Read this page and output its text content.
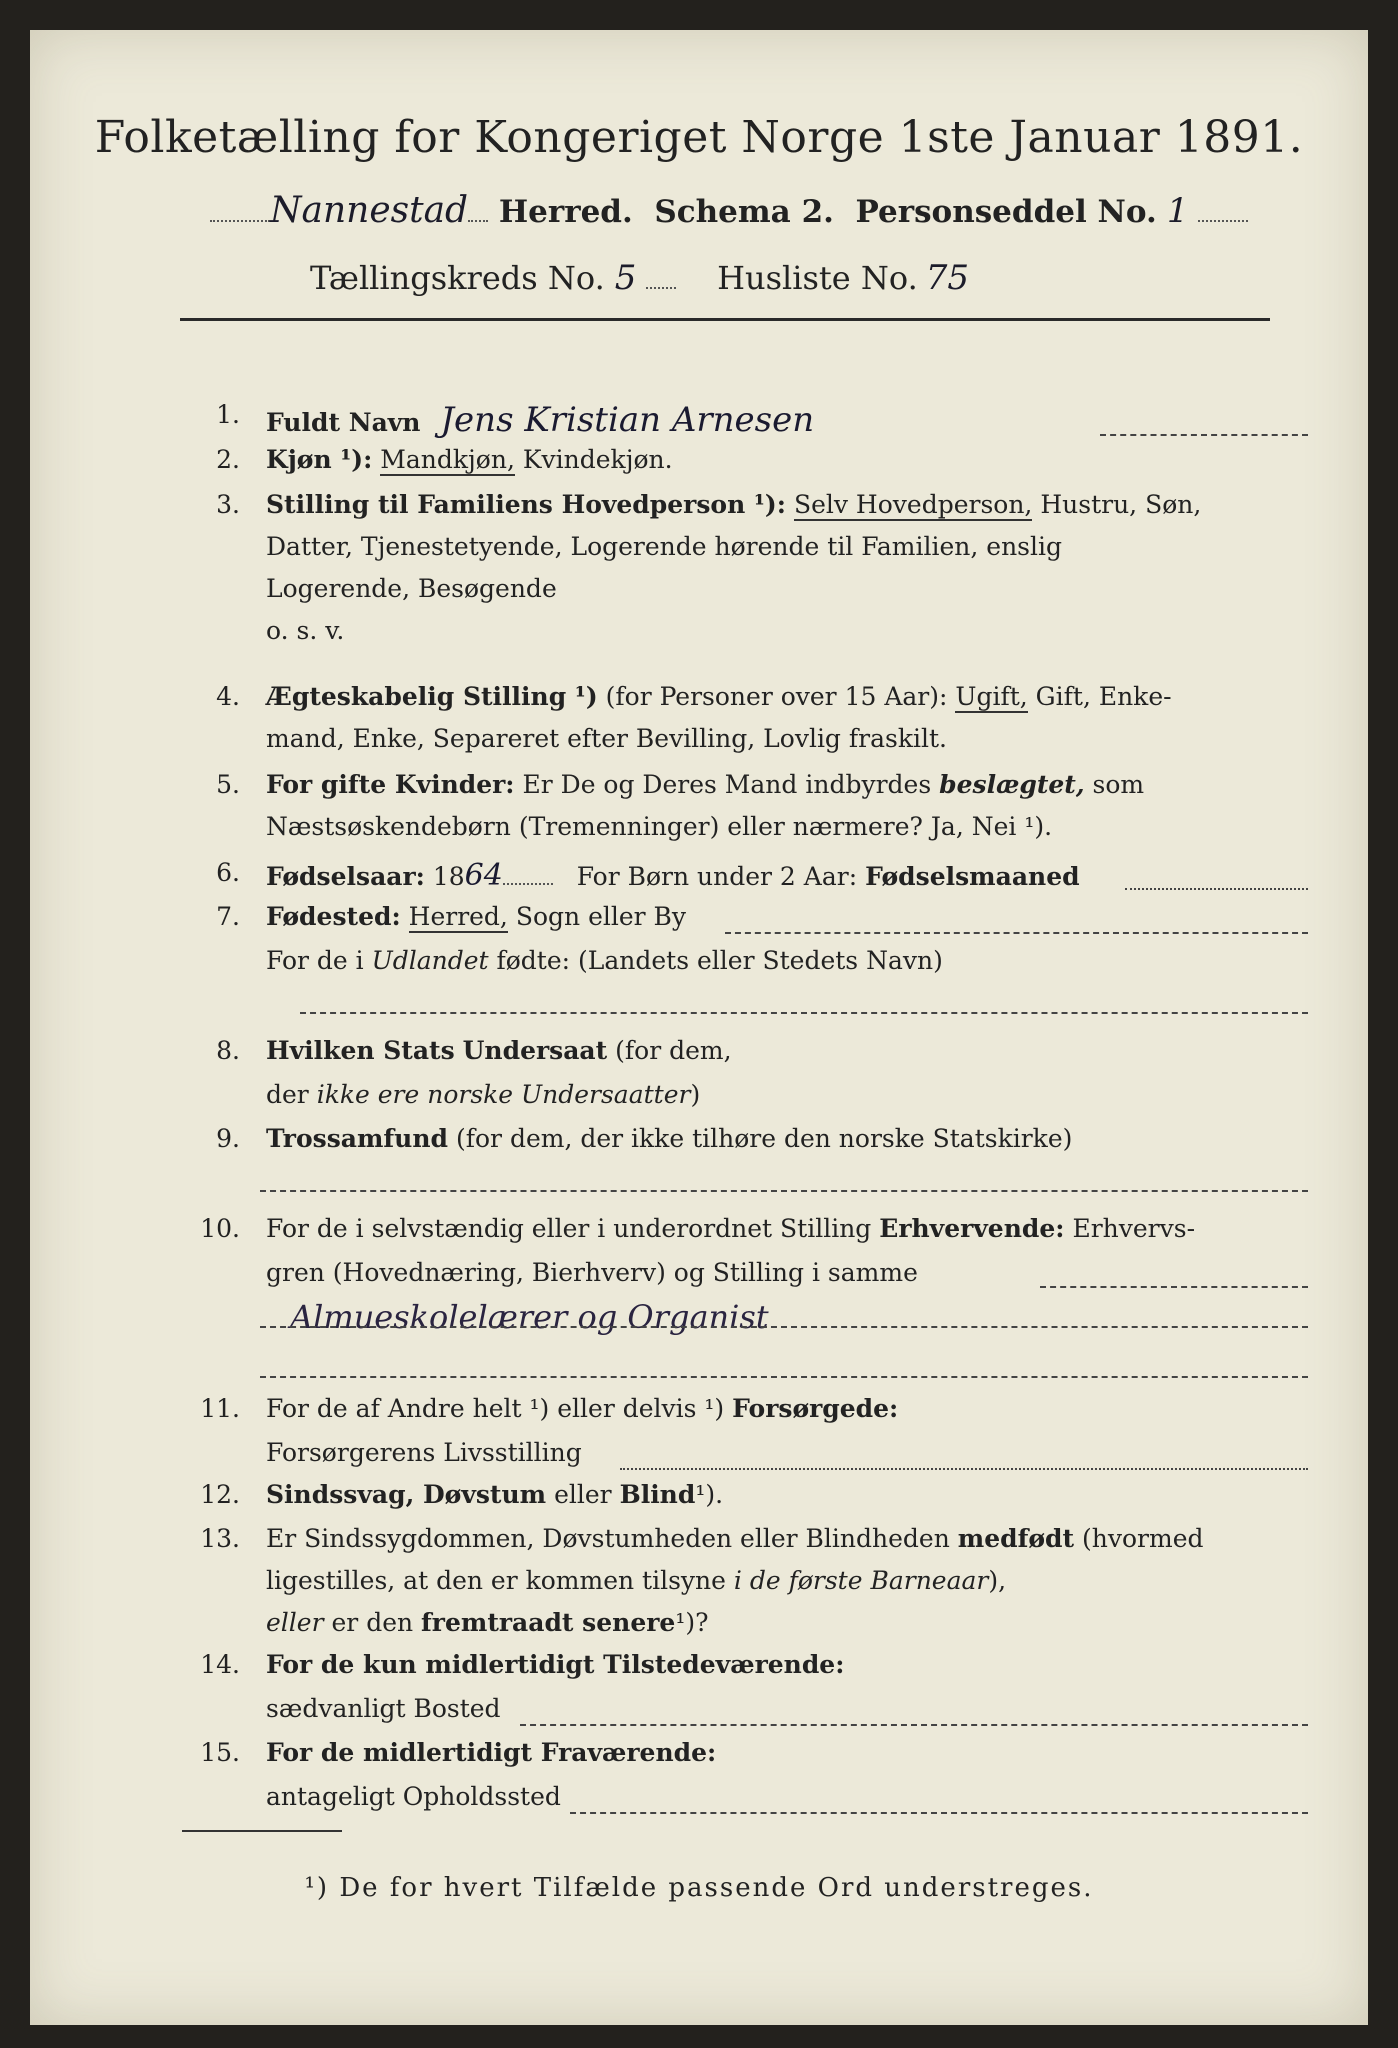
Folketælling for Kongeriget Norge 1ste Januar 1891.
Nannestad Herred. Schema 2. Personseddel No. 1
Tællingskreds No. 5	Husliste No. 75
1. Fuldt Navn Jens Kristian Arnesen
2. Kjøn ¹): Mandkjøn, Kvindekjøn.
3. Stilling til Familiens Hovedperson ¹): Selv Hovedperson, Hustru, Søn,
Datter, Tjenestetyende, Logerende hørende til Familien, enslig
Logerende, Besøgende
o. s. v.
4. Ægteskabelig Stilling ¹) (for Personer over 15 Aar): Ugift, Gift, Enke-
mand, Enke, Separeret efter Bevilling, Lovlig fraskilt.
5. For gifte Kvinder: Er De og Deres Mand indbyrdes beslægtet, som
Næstsøskendebørn (Tremenninger) eller nærmere? Ja, Nei ¹).
6. Fødselsaar: 1864	For Børn under 2 Aar: Fødselsmaaned
7. Fødested: Herred, Sogn eller By
For de i Udlandet fødte: (Landets eller Stedets Navn)
8. Hvilken Stats Undersaat (for dem,
der ikke ere norske Undersaatter)
9. Trossamfund (for dem, der ikke tilhøre den norske Statskirke)
10. For de i selvstændig eller i underordnet Stilling Erhvervende: Erhvervs-
gren (Hovednæring, Bierhverv) og Stilling i samme
Almueskolelærer og Organist
11. For de af Andre helt ¹) eller delvis ¹) Forsørgede:
Forsørgerens Livsstilling
12. Sindssvag, Døvstum eller Blind¹).
13. Er Sindssygdommen, Døvstumheden eller Blindheden medfødt (hvormed
ligestilles, at den er kommen tilsyne i de første Barneaar),
eller er den fremtraadt senere¹)?
14. For de kun midlertidigt Tilstedeværende:
sædvanligt Bosted
15. For de midlertidigt Fraværende:
antageligt Opholdssted
¹) De for hvert Tilfælde passende Ord understreges.
